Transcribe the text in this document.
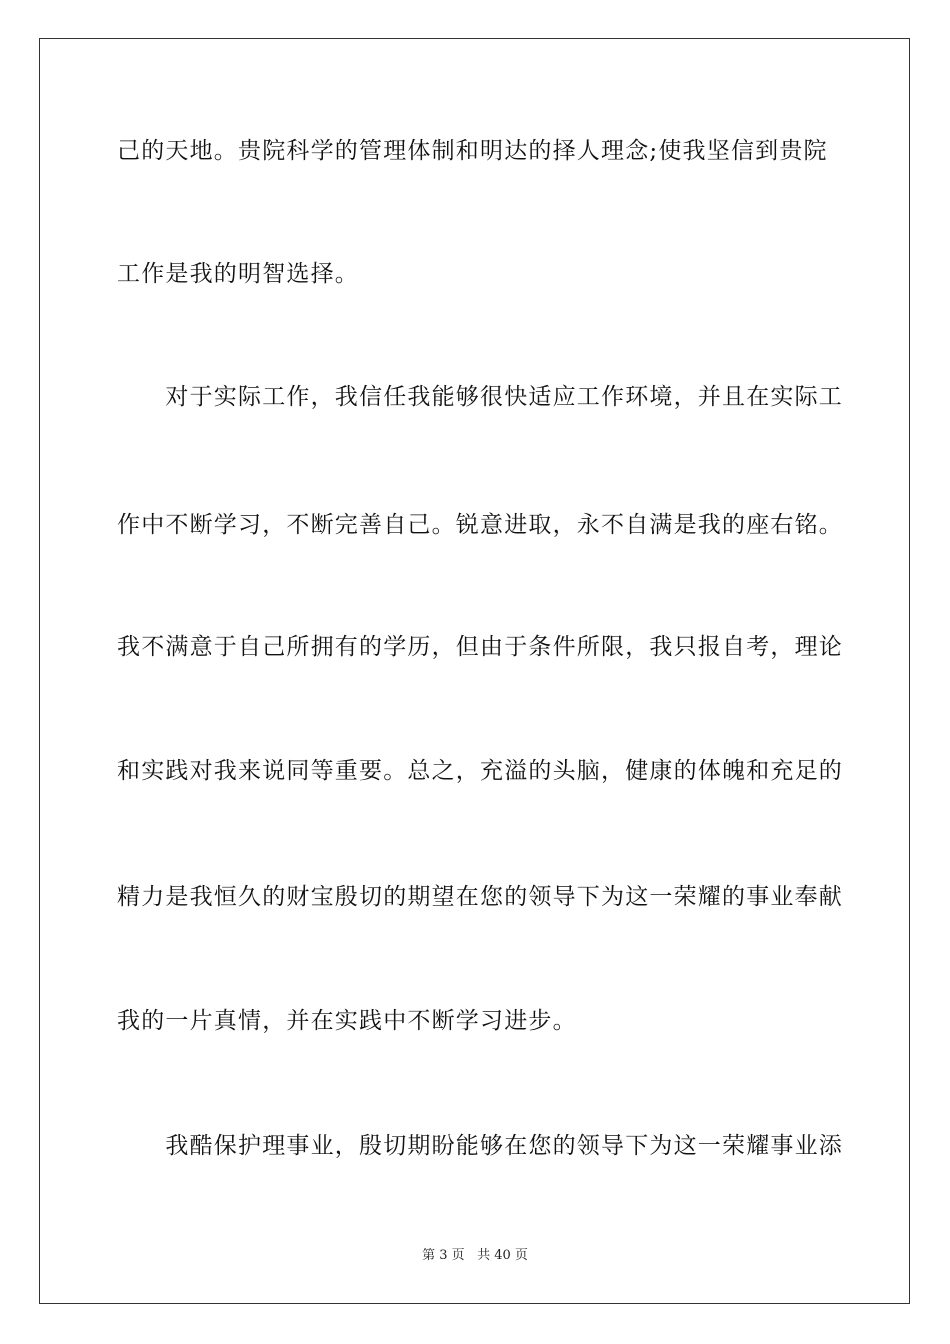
己的天地。贵院科学的管理体制和明达的择人理念;使我坚信到贵院
工作是我的明智选择。
　　对于实际工作，我信任我能够很快适应工作环境，并且在实际工
作中不断学习，不断完善自己。锐意进取，永不自满是我的座右铭。
我不满意于自己所拥有的学历，但由于条件所限，我只报自考，理论
和实践对我来说同等重要。总之，充溢的头脑，健康的体魄和充足的
精力是我恒久的财宝殷切的期望在您的领导下为这一荣耀的事业奉献
我的一片真情，并在实践中不断学习进步。
　　我酷保护理事业，殷切期盼能够在您的领导下为这一荣耀事业添
第 3 页 共 40 页
